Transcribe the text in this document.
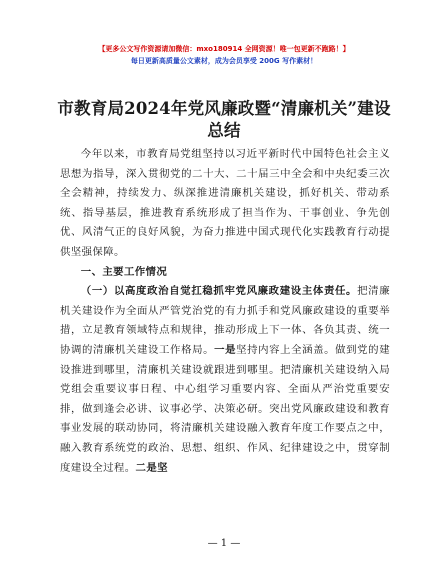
【更多公文写作资源请加微信：mxo180914 全网资源！唯一包更新不跑路！】
每日更新高质量公文素材，成为会员享受 200G 写作素材！
市教育局2024年党风廉政暨“清廉机关”建设总结

今年以来，市教育局党组坚持以习近平新时代中国特色社会主义思想为指导，深入贯彻党的二十大、二十届三中全会和中央纪委三次全会精神，持续发力、纵深推进清廉机关建设，抓好机关、带动系统、指导基层，推进教育系统形成了担当作为、干事创业、争先创优、风清气正的良好风貌，为奋力推进中国式现代化实践教育行动提供坚强保障。

一、主要工作情况

（一）以高度政治自觉扛稳抓牢党风廉政建设主体责任。把清廉机关建设作为全面从严管党治党的有力抓手和党风廉政建设的重要举措，立足教育领域特点和规律，推动形成上下一体、各负其责、统一协调的清廉机关建设工作格局。一是坚持内容上全涵盖。做到党的建设推进到哪里，清廉机关建设就跟进到哪里。把清廉机关建设纳入局党组会重要议事日程、中心组学习重要内容、全面从严治党重要安排，做到逢会必讲、议事必学、决策必研。突出党风廉政建设和教育事业发展的联动协同，将清廉机关建设融入教育年度工作要点之中，融入教育系统党的政治、思想、组织、作风、纪律建设之中，贯穿制度建设全过程。二是坚

— 1 —
